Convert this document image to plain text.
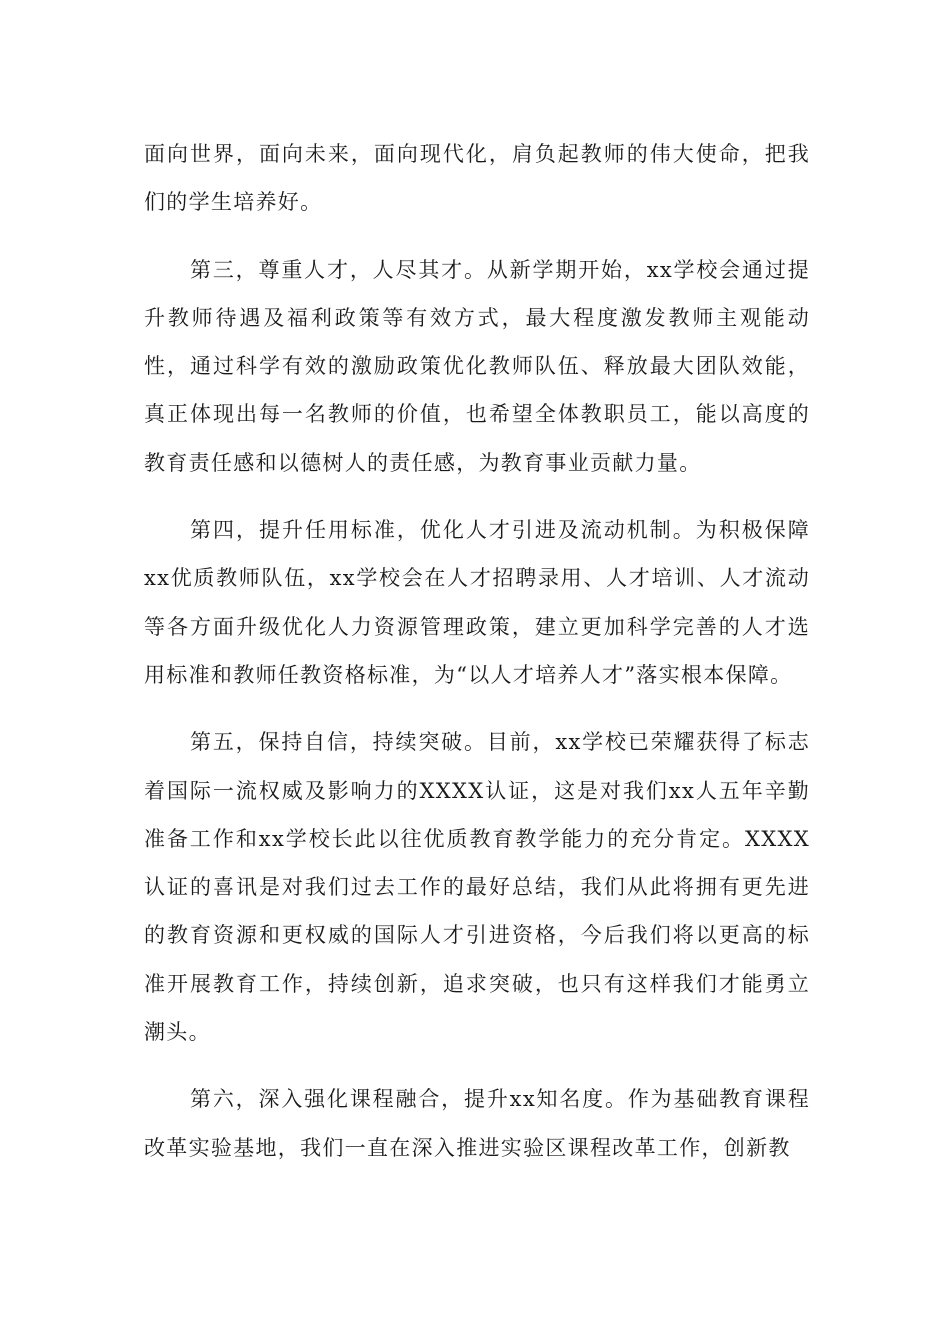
面向世界，面向未来，面向现代化，肩负起教师的伟大使命，把我们的学生培养好。

第三，尊重人才，人尽其才。从新学期开始，xx学校会通过提升教师待遇及福利政策等有效方式，最大程度激发教师主观能动性，通过科学有效的激励政策优化教师队伍、释放最大团队效能，真正体现出每一名教师的价值，也希望全体教职员工，能以高度的教育责任感和以德树人的责任感，为教育事业贡献力量。

第四，提升任用标准，优化人才引进及流动机制。为积极保障xx优质教师队伍，xx学校会在人才招聘录用、人才培训、人才流动等各方面升级优化人力资源管理政策，建立更加科学完善的人才选用标准和教师任教资格标准，为“以人才培养人才”落实根本保障。

第五，保持自信，持续突破。目前，xx学校已荣耀获得了标志着国际一流权威及影响力的XXXX认证，这是对我们xx人五年辛勤准备工作和xx学校长此以往优质教育教学能力的充分肯定。XXXX认证的喜讯是对我们过去工作的最好总结，我们从此将拥有更先进的教育资源和更权威的国际人才引进资格，今后我们将以更高的标准开展教育工作，持续创新，追求突破，也只有这样我们才能勇立潮头。

第六，深入强化课程融合，提升xx知名度。作为基础教育课程改革实验基地，我们一直在深入推进实验区课程改革工作，创新教
